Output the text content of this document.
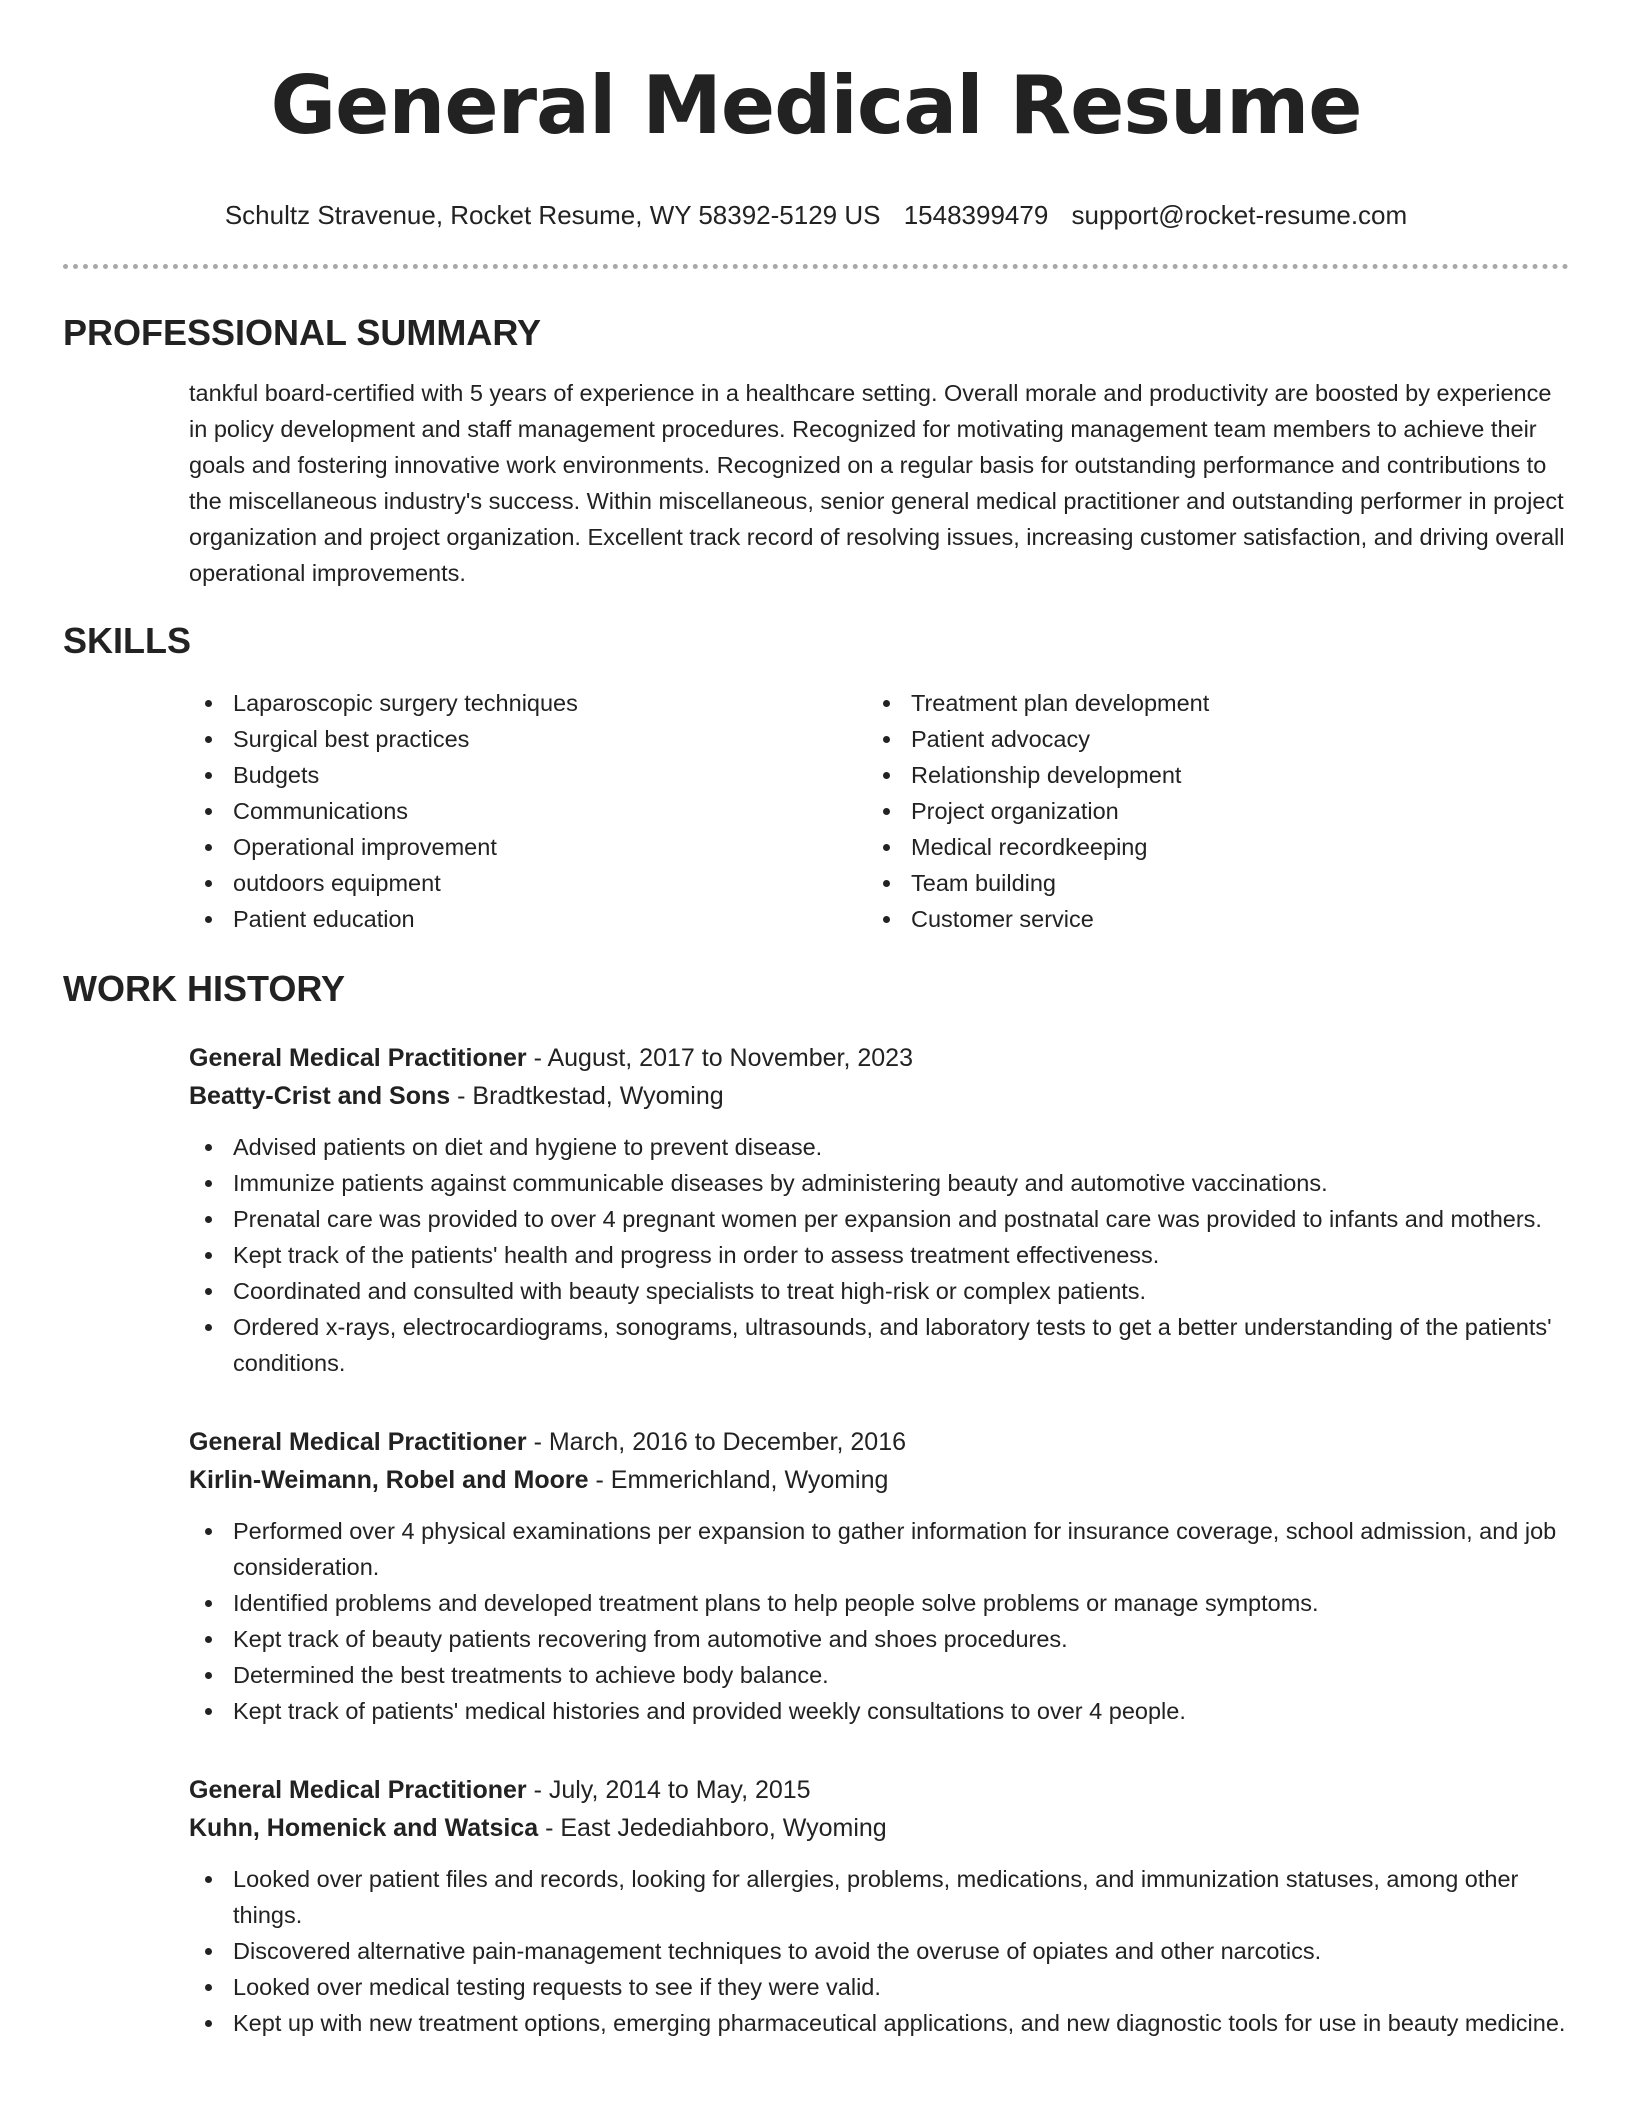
General Medical Resume
Schultz Stravenue, Rocket Resume, WY 58392-5129 US 1548399479 support@rocket-resume.com
PROFESSIONAL SUMMARY

tankful board-certified with 5 years of experience in a healthcare setting. Overall morale and productivity are boosted by experience in policy development and staff management procedures. Recognized for motivating management team members to achieve their goals and fostering innovative work environments. Recognized on a regular basis for outstanding performance and contributions to the miscellaneous industry's success. Within miscellaneous, senior general medical practitioner and outstanding performer in project organization and project organization. Excellent track record of resolving issues, increasing customer satisfaction, and driving overall operational improvements.

SKILLS
Laparoscopic surgery techniques
Surgical best practices
Budgets
Communications
Operational improvement
outdoors equipment
Patient education
Treatment plan development
Patient advocacy
Relationship development
Project organization
Medical recordkeeping
Team building
Customer service
WORK HISTORY
General Medical Practitioner - August, 2017 to November, 2023
Beatty-Crist and Sons - Bradtkestad, Wyoming
Advised patients on diet and hygiene to prevent disease.
Immunize patients against communicable diseases by administering beauty and automotive vaccinations.
Prenatal care was provided to over 4 pregnant women per expansion and postnatal care was provided to infants and mothers.
Kept track of the patients' health and progress in order to assess treatment effectiveness.
Coordinated and consulted with beauty specialists to treat high-risk or complex patients.
Ordered x-rays, electrocardiograms, sonograms, ultrasounds, and laboratory tests to get a better understanding of the patients' conditions.
General Medical Practitioner - March, 2016 to December, 2016
Kirlin-Weimann, Robel and Moore - Emmerichland, Wyoming
Performed over 4 physical examinations per expansion to gather information for insurance coverage, school admission, and job consideration.
Identified problems and developed treatment plans to help people solve problems or manage symptoms.
Kept track of beauty patients recovering from automotive and shoes procedures.
Determined the best treatments to achieve body balance.
Kept track of patients' medical histories and provided weekly consultations to over 4 people.
General Medical Practitioner - July, 2014 to May, 2015
Kuhn, Homenick and Watsica - East Jedediahboro, Wyoming
Looked over patient files and records, looking for allergies, problems, medications, and immunization statuses, among other things.
Discovered alternative pain-management techniques to avoid the overuse of opiates and other narcotics.
Looked over medical testing requests to see if they were valid.
Kept up with new treatment options, emerging pharmaceutical applications, and new diagnostic tools for use in beauty medicine.
